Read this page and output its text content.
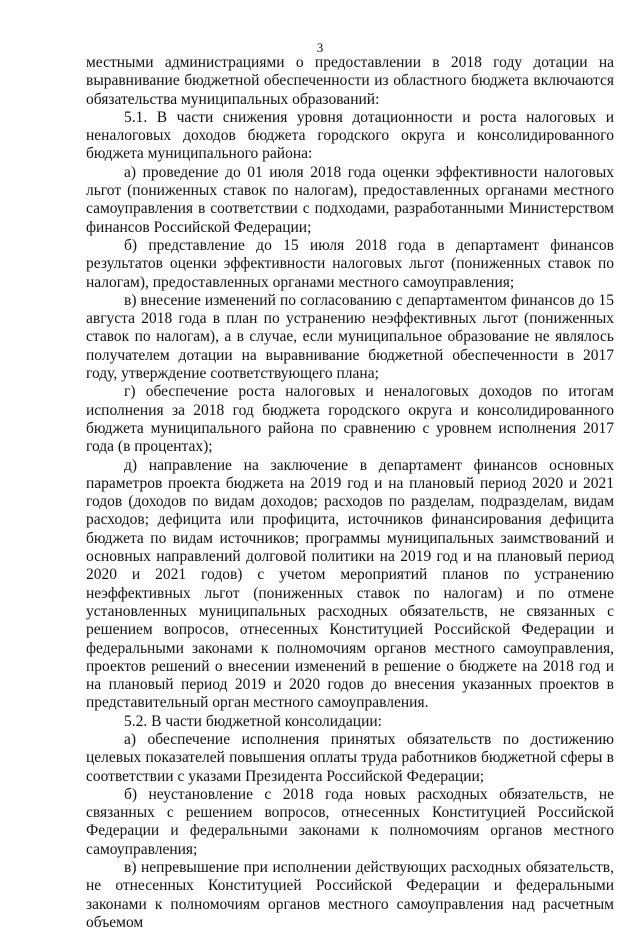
3

местными администрациями о предоставлении в 2018 году дотации на выравнивание бюджетной обеспеченности из областного бюджета включаются обязательства муниципальных образований:

5.1. В части снижения уровня дотационности и роста налоговых и неналоговых доходов бюджета городского округа и консолидированного бюджета муниципального района:

а) проведение до 01 июля 2018 года оценки эффективности налоговых льгот (пониженных ставок по налогам), предоставленных органами местного самоуправления в соответствии с подходами, разработанными Министерством финансов Российской Федерации;

б) представление до 15 июля 2018 года в департамент финансов результатов оценки эффективности налоговых льгот (пониженных ставок по налогам), предоставленных органами местного самоуправления;

в) внесение изменений по согласованию с департаментом финансов до 15 августа 2018 года в план по устранению неэффективных льгот (пониженных ставок по налогам), а в случае, если муниципальное образование не являлось получателем дотации на выравнивание бюджетной обеспеченности в 2017 году, утверждение соответствующего плана;

г) обеспечение роста налоговых и неналоговых доходов по итогам исполнения за 2018 год бюджета городского округа и консолидированного бюджета муниципального района по сравнению с уровнем исполнения 2017 года (в процентах);

д) направление на заключение в департамент финансов основных параметров проекта бюджета на 2019 год и на плановый период 2020 и 2021 годов (доходов по видам доходов; расходов по разделам, подразделам, видам расходов; дефицита или профицита, источников финансирования дефицита бюджета по видам источников; программы муниципальных заимствований и основных направлений долговой политики на 2019 год и на плановый период 2020 и 2021 годов) с учетом мероприятий планов по устранению неэффективных льгот (пониженных ставок по налогам) и по отмене установленных муниципальных расходных обязательств, не связанных с решением вопросов, отнесенных Конституцией Российской Федерации и федеральными законами к полномочиям органов местного самоуправления, проектов решений о внесении изменений в решение о бюджете на 2018 год и на плановый период 2019 и 2020 годов до внесения указанных проектов в представительный орган местного самоуправления.

5.2. В части бюджетной консолидации:

а) обеспечение исполнения принятых обязательств по достижению целевых показателей повышения оплаты труда работников бюджетной сферы в соответствии с указами Президента Российской Федерации;

б) неустановление с 2018 года новых расходных обязательств, не связанных с решением вопросов, отнесенных Конституцией Российской Федерации и федеральными законами к полномочиям органов местного самоуправления;

в) непревышение при исполнении действующих расходных обязательств, не отнесенных Конституцией Российской Федерации и федеральными законами к полномочиям органов местного самоуправления над расчетным объемом
